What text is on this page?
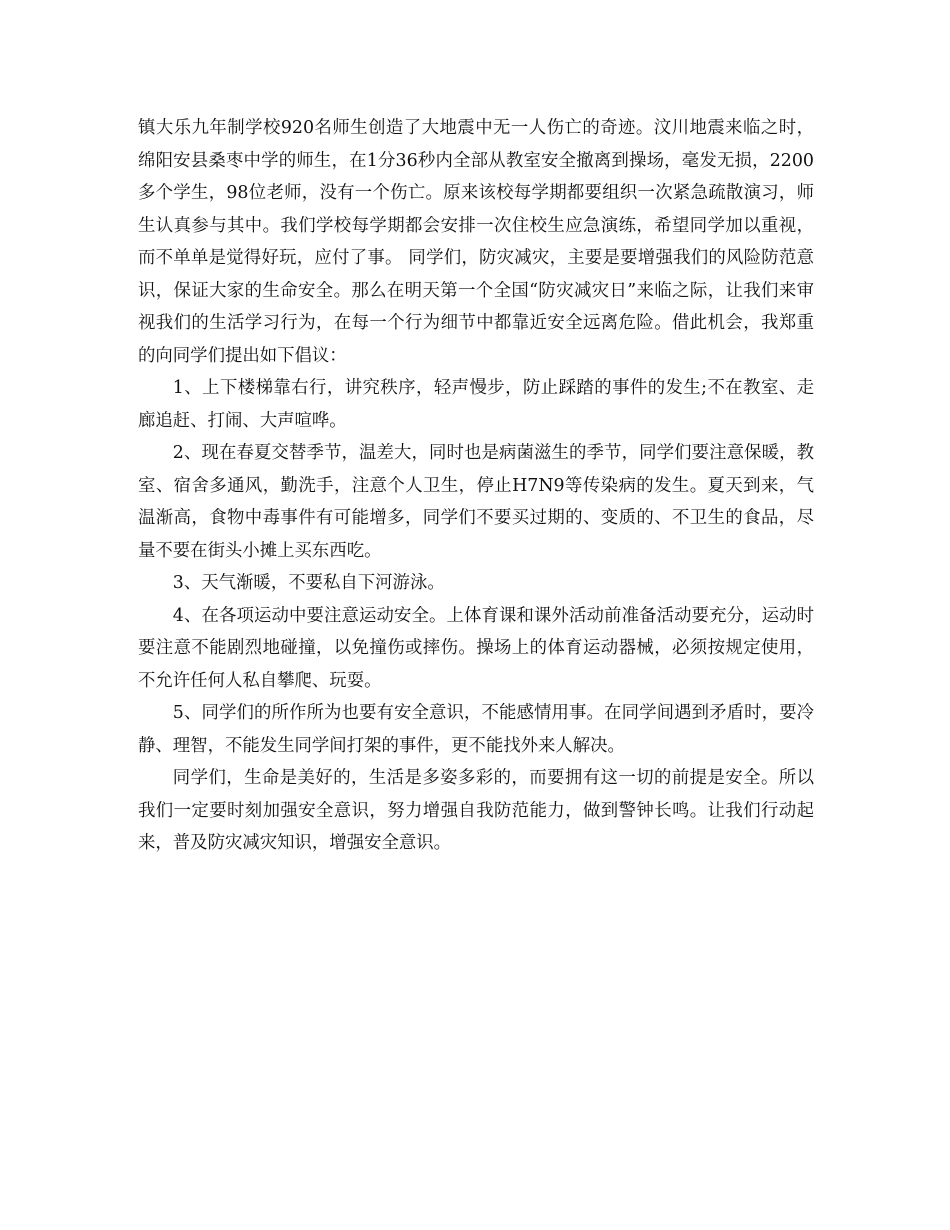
镇大乐九年制学校920名师生创造了大地震中无一人伤亡的奇迹。汶川地震来临之时，绵阳安县桑枣中学的师生，在1分36秒内全部从教室安全撤离到操场，毫发无损，2200多个学生，98位老师，没有一个伤亡。原来该校每学期都要组织一次紧急疏散演习，师生认真参与其中。我们学校每学期都会安排一次住校生应急演练，希望同学加以重视，而不单单是觉得好玩，应付了事。 同学们，防灾减灾，主要是要增强我们的风险防范意识，保证大家的生命安全。那么在明天第一个全国“防灾减灾日”来临之际，让我们来审视我们的生活学习行为，在每一个行为细节中都靠近安全远离危险。借此机会，我郑重的向同学们提出如下倡议：

1、上下楼梯靠右行，讲究秩序，轻声慢步，防止踩踏的事件的发生;不在教室、走廊追赶、打闹、大声喧哗。

2、现在春夏交替季节，温差大，同时也是病菌滋生的季节，同学们要注意保暖，教室、宿舍多通风，勤洗手，注意个人卫生，停止H7N9等传染病的发生。夏天到来，气温渐高，食物中毒事件有可能增多，同学们不要买过期的、变质的、不卫生的食品，尽量不要在街头小摊上买东西吃。

3、天气渐暖，不要私自下河游泳。

4、在各项运动中要注意运动安全。上体育课和课外活动前准备活动要充分，运动时要注意不能剧烈地碰撞，以免撞伤或摔伤。操场上的体育运动器械，必须按规定使用，不允许任何人私自攀爬、玩耍。

5、同学们的所作所为也要有安全意识，不能感情用事。在同学间遇到矛盾时，要冷静、理智，不能发生同学间打架的事件，更不能找外来人解决。

同学们，生命是美好的，生活是多姿多彩的，而要拥有这一切的前提是安全。所以我们一定要时刻加强安全意识，努力增强自我防范能力，做到警钟长鸣。让我们行动起来，普及防灾减灾知识，增强安全意识。
